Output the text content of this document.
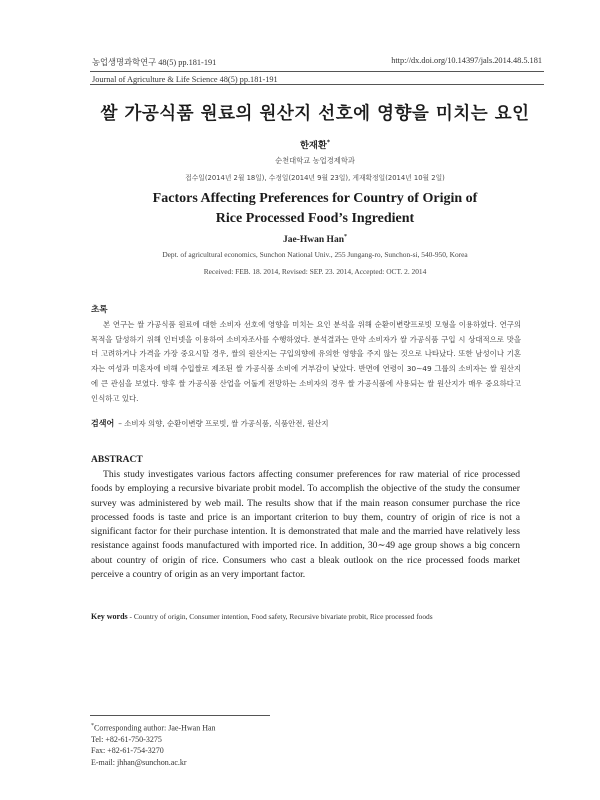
농업생명과학연구 48(5) pp.181-191	http://dx.doi.org/10.14397/jals.2014.48.5.181
Journal of Agriculture & Life Science 48(5) pp.181-191
쌀 가공식품 원료의 원산지 선호에 영향을 미치는 요인
한재환*
순천대학교 농업경제학과
접수일(2014년 2월 18일), 수정일(2014년 9월 23일), 게재확정일(2014년 10월 2일)
Factors Affecting Preferences for Country of Origin of
Rice Processed Food’s Ingredient
Jae-Hwan Han*
Dept. of agricultural economics, Sunchon National Univ., 255 Jungang-ro, Sunchon-si, 540-950, Korea
Received: FEB. 18. 2014, Revised: SEP. 23. 2014, Accepted: OCT. 2. 2014
초록
본 연구는 쌀 가공식품 원료에 대한 소비자 선호에 영향을 미치는 요인 분석을 위해 순환이변량프로빗 모형을 이용하였다. 연구의 목적을 달성하기 위해 인터넷을 이용하여 소비자조사를 수행하였다. 분석결과는 만약 소비자가 쌀 가공식품 구입 시 상대적으로 맛을 더 고려하거나 가격을 가장 중요시할 경우, 쌀의 원산지는 구입의향에 유의한 영향을 주지 않는 것으로 나타났다. 또한 남성이나 기혼자는 여성과 미혼자에 비해 수입쌀로 제조된 쌀 가공식품 소비에 거부감이 낮았다. 반면에 연령이 30∼49 그룹의 소비자는 쌀 원산지에 큰 관심을 보였다. 향후 쌀 가공식품 산업을 어둡게 전망하는 소비자의 경우 쌀 가공식품에 사용되는 쌀 원산지가 매우 중요하다고 인식하고 있다.
검색어 – 소비자 의향, 순환이변량 프로빗, 쌀 가공식품, 식품안전, 원산지
ABSTRACT
This study investigates various factors affecting consumer preferences for raw material of rice processed foods by employing a recursive bivariate probit model. To accomplish the objective of the study the consumer survey was administered by web mail. The results show that if the main reason consumer purchase the rice processed foods is taste and price is an important criterion to buy them, country of origin of rice is not a significant factor for their purchase intention. It is demonstrated that male and the married have relatively less resistance against foods manufactured with imported rice. In addition, 30∼49 age group shows a big concern about country of origin of rice. Consumers who cast a bleak outlook on the rice processed foods market perceive a country of origin as an very important factor.
Key words - Country of origin, Consumer intention, Food safety, Recursive bivariate probit, Rice processed foods
*Corresponding author: Jae-Hwan Han
Tel: +82-61-750-3275
Fax: +82-61-754-3270
E-mail: jhhan@sunchon.ac.kr
